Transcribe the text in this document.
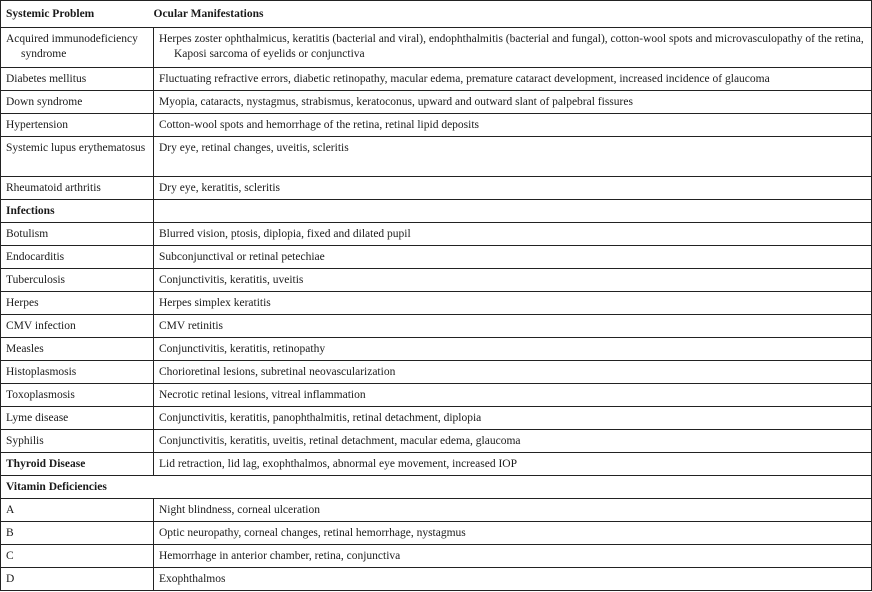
Systemic Problem	Ocular Manifestations
Acquired immunodeficiency syndrome	Herpes zoster ophthalmicus, keratitis (bacterial and viral), endophthalmitis (bacterial and fungal), cotton-wool spots and microvasculopathy of the retina, Kaposi sarcoma of eyelids or conjunctiva
Diabetes mellitus	Fluctuating refractive errors, diabetic retinopathy, macular edema, premature cataract development, increased incidence of glaucoma
Down syndrome	Myopia, cataracts, nystagmus, strabismus, keratoconus, upward and outward slant of palpebral fissures
Hypertension	Cotton-wool spots and hemorrhage of the retina, retinal lipid deposits
Systemic lupus erythematosus	Dry eye, retinal changes, uveitis, scleritis
Rheumatoid arthritis	Dry eye, keratitis, scleritis
Infections	
Botulism	Blurred vision, ptosis, diplopia, fixed and dilated pupil
Endocarditis	Subconjunctival or retinal petechiae
Tuberculosis	Conjunctivitis, keratitis, uveitis
Herpes	Herpes simplex keratitis
CMV infection	CMV retinitis
Measles	Conjunctivitis, keratitis, retinopathy
Histoplasmosis	Chorioretinal lesions, subretinal neovascularization
Toxoplasmosis	Necrotic retinal lesions, vitreal inflammation
Lyme disease	Conjunctivitis, keratitis, panophthalmitis, retinal detachment, diplopia
Syphilis	Conjunctivitis, keratitis, uveitis, retinal detachment, macular edema, glaucoma
Thyroid Disease	Lid retraction, lid lag, exophthalmos, abnormal eye movement, increased IOP
Vitamin Deficiencies	
A	Night blindness, corneal ulceration
B	Optic neuropathy, corneal changes, retinal hemorrhage, nystagmus
C	Hemorrhage in anterior chamber, retina, conjunctiva
D	Exophthalmos
